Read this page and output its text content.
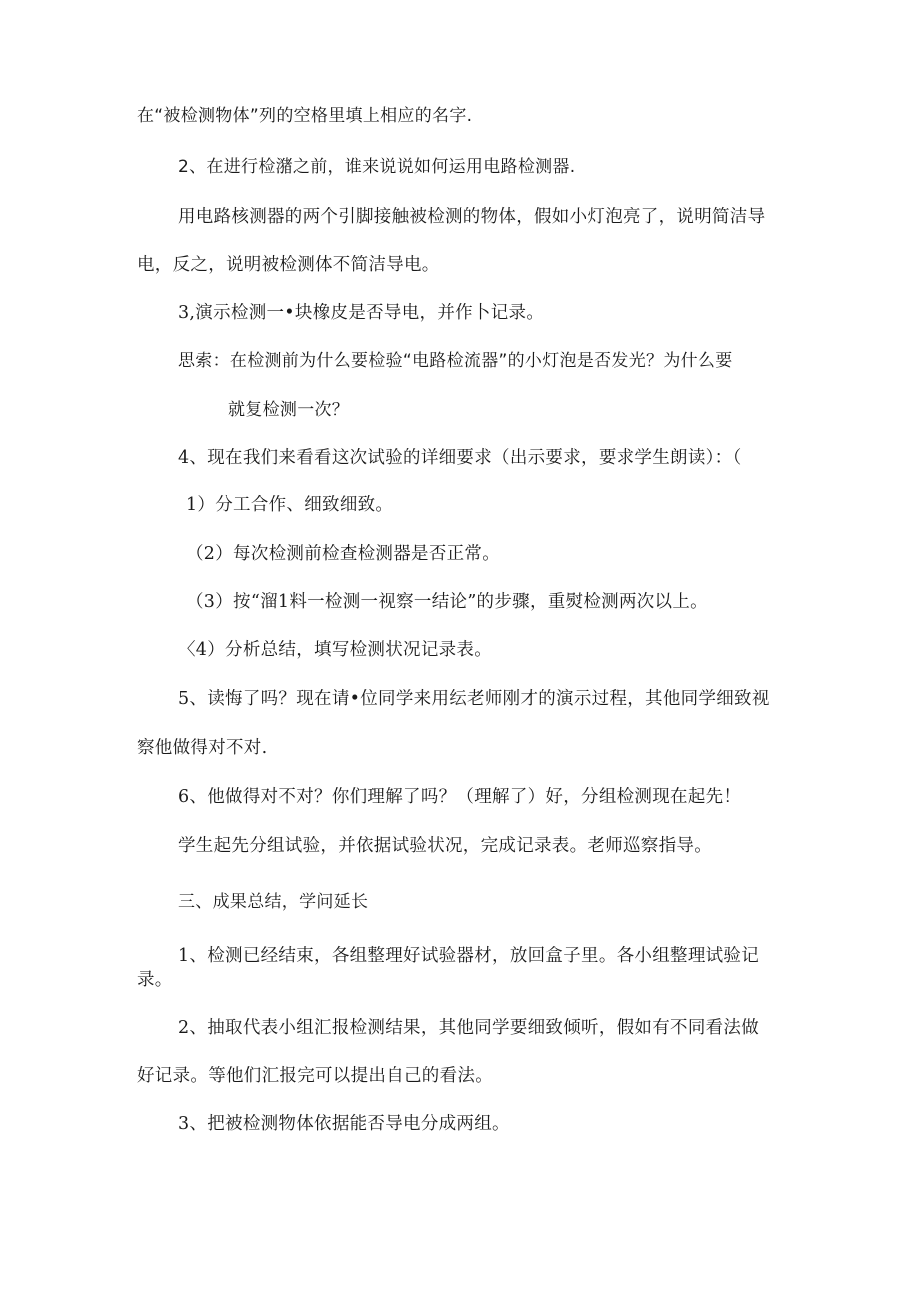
在“被检测物体”列的空格里填上相应的名字.
2、在进行检潴之前，谁来说说如何运用电路检测器.
用电路核测器的两个引脚接触被检测的物体，假如小灯泡亮了，说明简洁导
电，反之，说明被检测体不简洁导电。
3,演示检测一•块橡皮是否导电，并作卜记录。
思索：在检测前为什么要检验“电路检流器”的小灯泡是否发光？为什么要
就复检测一次？
4、现在我们来看看这次试验的详细要求（出示要求，要求学生朗读）：（
1）分工合作、细致细致。
（2）每次检测前检查检测器是否正常。
（3）按“溜1料一检测一视察一结论”的步骤，重熨检测两次以上。
〈4）分析总结，填写检测状况记录表。
5、读悔了吗？现在请•位同学来用纭老师刚才的演示过程，其他同学细致视
察他做得对不对.
6、他做得对不对？你们理解了吗？（理解了）好，分组检测现在起先！
学生起先分组试验，并依据试验状况，完成记录表。老师巡察指导。
三、成果总结，学问延长
1、检测已经结束，各组整理好试验器材，放回盒子里。各小组整理试验记
录。
2、抽取代表小组汇报检测结果，其他同学要细致倾听，假如有不同看法做
好记录。等他们汇报完可以提出自己的看法。
3、把被检测物体依据能否导电分成两组。
